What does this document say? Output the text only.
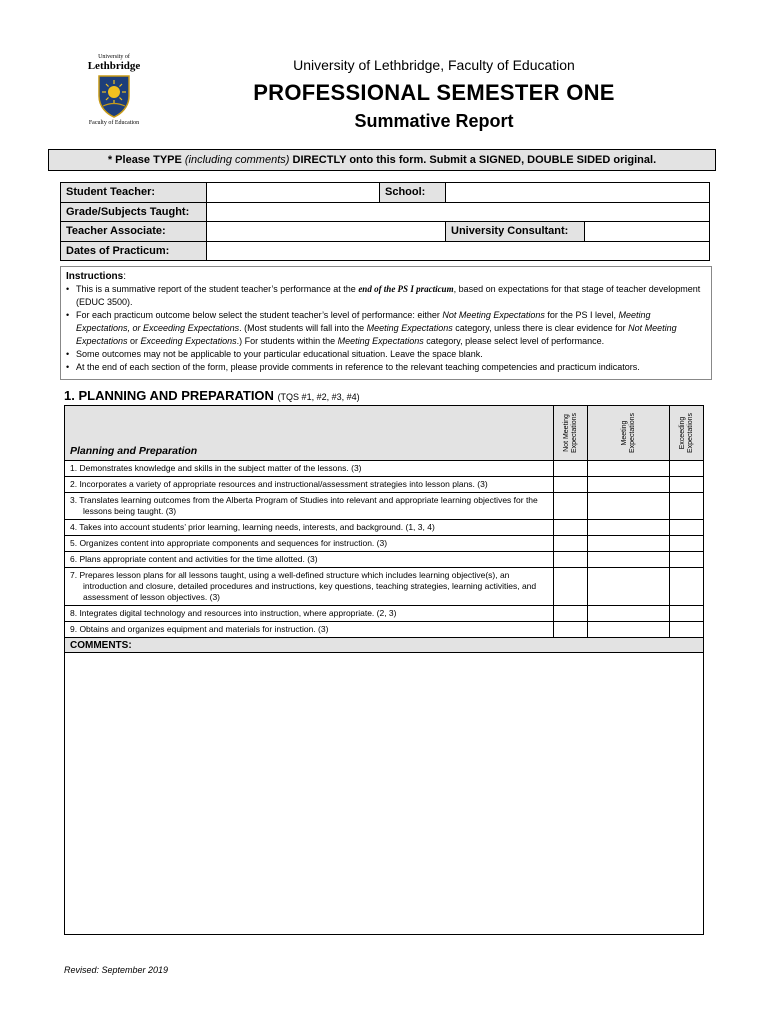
University of
Lethbridge
Faculty of Education
University of Lethbridge, Faculty of Education
PROFESSIONAL SEMESTER ONE
Summative Report
* Please TYPE (including comments) DIRECTLY onto this form. Submit a SIGNED, DOUBLE SIDED original.
Student Teacher:		School:		
Grade/Subjects Taught:				
Teacher Associate:			University Consultant:	
Dates of Practicum:				
Instructions:
• This is a summative report of the student teacher’s performance at the end of the PS I practicum, based on expectations for that stage of teacher development (EDUC 3500).
• For each practicum outcome below select the student teacher’s level of performance: either Not Meeting Expectations for the PS I level, Meeting Expectations, or Exceeding Expectations. (Most students will fall into the Meeting Expectations category, unless there is clear evidence for Not Meeting Expectations or Exceeding Expectations.) For students within the Meeting Expectations category, please select level of performance.
• Some outcomes may not be applicable to your particular educational situation. Leave the space blank.
• At the end of each section of the form, please provide comments in reference to the relevant teaching competencies and practicum indicators.
1. PLANNING AND PREPARATION (TQS #1, #2, #3, #4)
Planning and Preparation	Not Meeting Expectations	Meeting Expectations	Exceeding Expectations

1. Demonstrates knowledge and skills in the subject matter of the lessons. (3)			
2. Incorporates a variety of appropriate resources and instructional/assessment strategies into lesson plans. (3)			
3. Translates learning outcomes from the Alberta Program of Studies into relevant and appropriate learning objectives for the lessons being taught. (3)			
4. Takes into account students’ prior learning, learning needs, interests, and background. (1, 3, 4)			
5. Organizes content into appropriate components and sequences for instruction. (3)			
6. Plans appropriate content and activities for the time allotted. (3)			
7. Prepares lesson plans for all lessons taught, using a well-defined structure which includes learning objective(s), an introduction and closure, detailed procedures and instructions, key questions, teaching strategies, learning activities, and assessment of lesson objectives. (3)			
8. Integrates digital technology and resources into instruction, where appropriate. (2, 3)			
9. Obtains and organizes equipment and materials for instruction. (3)			
COMMENTS:			

Revised: September 2019
